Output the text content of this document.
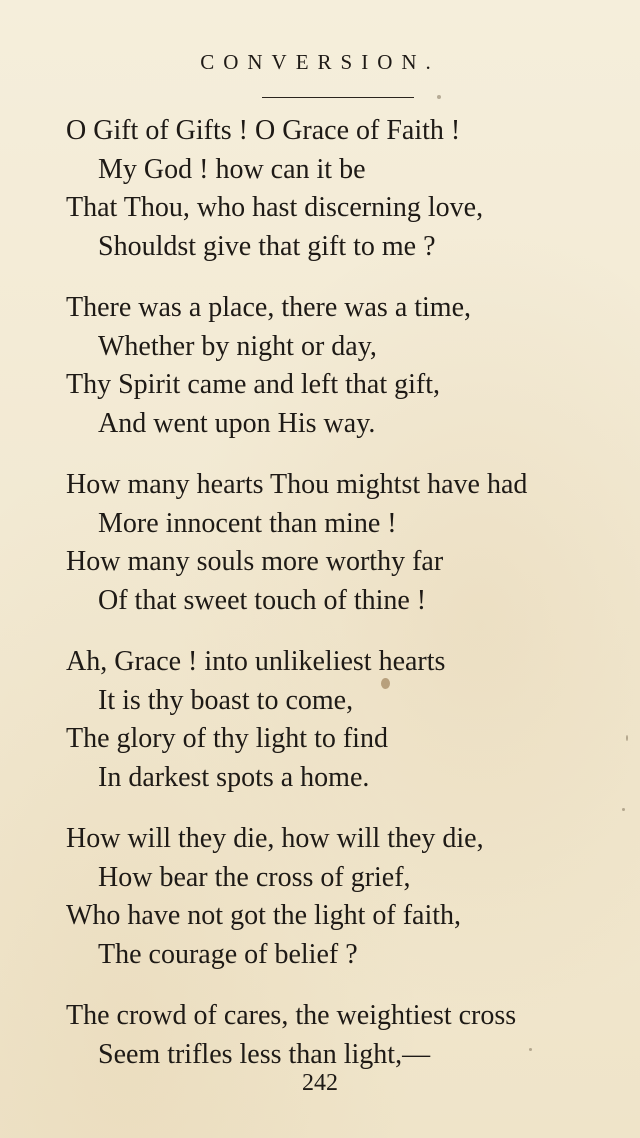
CONVERSION.
O Gift of Gifts ! O Grace of Faith !
My God ! how can it be
That Thou, who hast discerning love,
Shouldst give that gift to me ?
There was a place, there was a time,
Whether by night or day,
Thy Spirit came and left that gift,
And went upon His way.
How many hearts Thou mightst have had
More innocent than mine !
How many souls more worthy far
Of that sweet touch of thine !
Ah, Grace ! into unlikeliest hearts
It is thy boast to come,
The glory of thy light to find
In darkest spots a home.
How will they die, how will they die,
How bear the cross of grief,
Who have not got the light of faith,
The courage of belief ?
The crowd of cares, the weightiest cross
Seem trifles less than light,—
242
